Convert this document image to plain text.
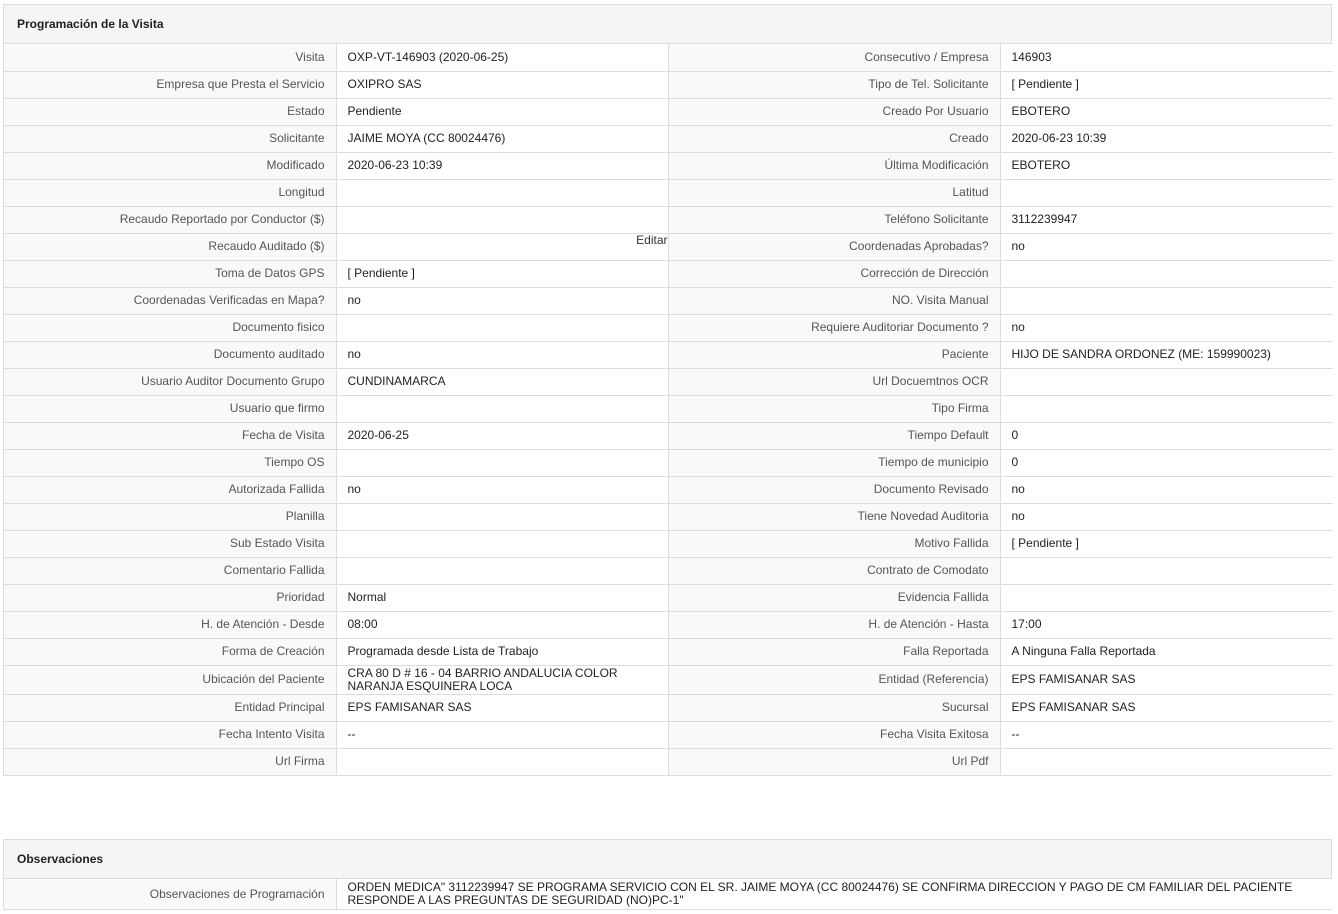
Programación de la Visita
Visita	OXP-VT-146903 (2020-06-25)	Consecutivo / Empresa	146903
Empresa que Presta el Servicio	OXIPRO SAS	Tipo de Tel. Solicitante	[ Pendiente ]
Estado	Pendiente	Creado Por Usuario	EBOTERO
Solicitante	JAIME MOYA (CC 80024476)	Creado	2020-06-23 10:39
Modificado	2020-06-23 10:39	Última Modificación	EBOTERO
Longitud		Latitud	
Recaudo Reportado por Conductor ($)		Teléfono Solicitante	3112239947
Recaudo Auditado ($)	Editar	Coordenadas Aprobadas?	no
Toma de Datos GPS	[ Pendiente ]	Corrección de Dirección	
Coordenadas Verificadas en Mapa?	no	NO. Visita Manual	
Documento fisico		Requiere Auditoriar Documento ?	no
Documento auditado	no	Paciente	HIJO DE SANDRA ORDONEZ (ME: 159990023)
Usuario Auditor Documento Grupo	CUNDINAMARCA	Url Docuemtnos OCR	
Usuario que firmo		Tipo Firma	
Fecha de Visita	2020-06-25	Tiempo Default	0
Tiempo OS		Tiempo de municipio	0
Autorizada Fallida	no	Documento Revisado	no
Planilla		Tiene Novedad Auditoria	no
Sub Estado Visita		Motivo Fallida	[ Pendiente ]
Comentario Fallida		Contrato de Comodato	
Prioridad	Normal	Evidencia Fallida	
H. de Atención - Desde	08:00	H. de Atención - Hasta	17:00
Forma de Creación	Programada desde Lista de Trabajo	Falla Reportada	A Ninguna Falla Reportada
Ubicación del Paciente	CRA 80 D # 16 - 04 BARRIO ANDALUCIA COLOR NARANJA ESQUINERA LOCA	Entidad (Referencia)	EPS FAMISANAR SAS
Entidad Principal	EPS FAMISANAR SAS	Sucursal	EPS FAMISANAR SAS
Fecha Intento Visita	--	Fecha Visita Exitosa	--
Url Firma		Url Pdf	
Observaciones
Observaciones de Programación	ORDEN MEDICA" 3112239947 SE PROGRAMA SERVICIO CON EL SR. JAIME MOYA (CC 80024476) SE CONFIRMA DIRECCION Y PAGO DE CM FAMILIAR DEL PACIENTE RESPONDE A LAS PREGUNTAS DE SEGURIDAD (NO)PC-1"
